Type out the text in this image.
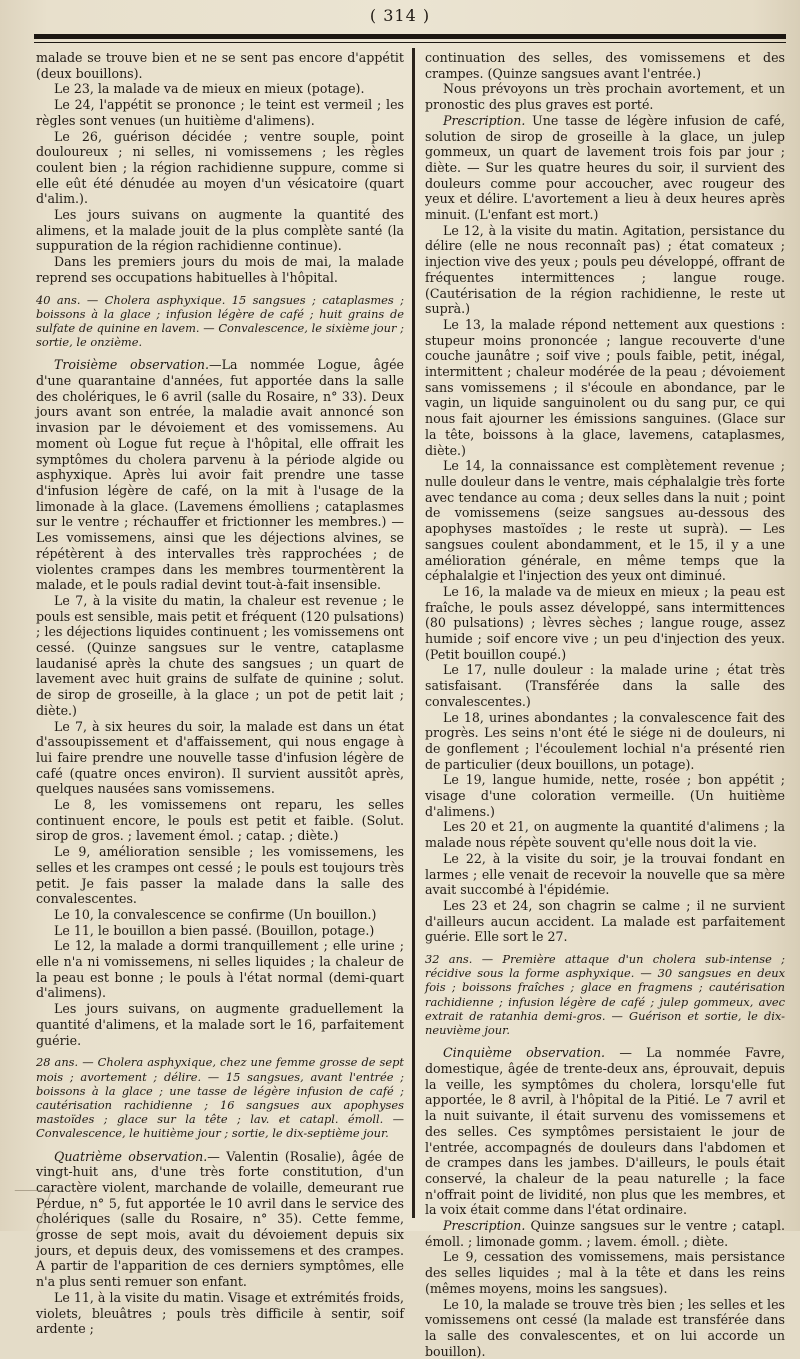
( 314 )

malade se trouve bien et ne se sent pas encore d'appétit (deux bouillons).

Le 23, la malade va de mieux en mieux (potage).

Le 24, l'appétit se prononce ; le teint est vermeil ; les règles sont venues (un huitième d'alimens).

Le 26, guérison décidée ; ventre souple, point douloureux ; ni selles, ni vomissemens ; les règles coulent bien ; la région rachidienne suppure, comme si elle eût été dénudée au moyen d'un vésicatoire (quart d'alim.).

Les jours suivans on augmente la quantité des alimens, et la malade jouit de la plus complète santé (la suppuration de la région rachidienne continue).

Dans les premiers jours du mois de mai, la malade reprend ses occupations habituelles à l'hôpital.

40 ans. — Cholera asphyxique. 15 sangsues ; cataplasmes ; boissons à la glace ; infusion légère de café ; huit grains de sulfate de quinine en lavem. — Convalescence, le sixième jour ; sortie, le onzième.

Troisième observation.—La nommée Logue, âgée d'une quarantaine d'années, fut apportée dans la salle des cholériques, le 6 avril (salle du Rosaire, n° 33). Deux jours avant son entrée, la maladie avait annoncé son invasion par le dévoiement et des vomissemens. Au moment où Logue fut reçue à l'hôpital, elle offrait les symptômes du cholera parvenu à la période algide ou asphyxique. Après lui avoir fait prendre une tasse d'infusion légère de café, on la mit à l'usage de la limonade à la glace. (Lavemens émolliens ; cataplasmes sur le ventre ; réchauffer et frictionner les membres.) — Les vomissemens, ainsi que les déjections alvines, se répétèrent à des intervalles très rapprochées ; de violentes crampes dans les membres tourmentèrent la malade, et le pouls radial devint tout-à-fait insensible.

Le 7, à la visite du matin, la chaleur est revenue ; le pouls est sensible, mais petit et fréquent (120 pulsations) ; les déjections liquides continuent ; les vomissemens ont cessé. (Quinze sangsues sur le ventre, cataplasme laudanisé après la chute des sangsues ; un quart de lavement avec huit grains de sulfate de quinine ; solut. de sirop de groseille, à la glace ; un pot de petit lait ; diète.)

Le 7, à six heures du soir, la malade est dans un état d'assoupissement et d'affaissement, qui nous engage à lui faire prendre une nouvelle tasse d'infusion légère de café (quatre onces environ). Il survient aussitôt après, quelques nausées sans vomissemens.

Le 8, les vomissemens ont reparu, les selles continuent encore, le pouls est petit et faible. (Solut. sirop de gros. ; lavement émol. ; catap. ; diète.)

Le 9, amélioration sensible ; les vomissemens, les selles et les crampes ont cessé ; le pouls est toujours très petit. Je fais passer la malade dans la salle des convalescentes.

Le 10, la convalescence se confirme (Un bouillon.)

Le 11, le bouillon a bien passé. (Bouillon, potage.)

Le 12, la malade a dormi tranquillement ; elle urine ; elle n'a ni vomissemens, ni selles liquides ; la chaleur de la peau est bonne ; le pouls à l'état normal (demi-quart d'alimens).

Les jours suivans, on augmente graduellement la quantité d'alimens, et la malade sort le 16, parfaitement guérie.

28 ans. — Cholera asphyxique, chez une femme grosse de sept mois ; avortement ; délire. — 15 sangsues, avant l'entrée ; boissons à la glace ; une tasse de légère infusion de café ; cautérisation rachidienne ; 16 sangsues aux apophyses mastoïdes ; glace sur la tête ; lav. et catapl. émoll. — Convalescence, le huitième jour ; sortie, le dix-septième jour.

Quatrième observation.— Valentin (Rosalie), âgée de vingt-huit ans, d'une très forte constitution, d'un caractère violent, marchande de volaille, demeurant rue Perdue, n° 5, fut apportée le 10 avril dans le service des cholériques (salle du Rosaire, n° 35). Cette femme, grosse de sept mois, avait du dévoiement depuis six jours, et depuis deux, des vomissemens et des crampes. A partir de l'apparition de ces derniers symptômes, elle n'a plus senti remuer son enfant.

Le 11, à la visite du matin. Visage et extrémités froids, violets, bleuâtres ; pouls très difficile à sentir, soif ardente ;

continuation des selles, des vomissemens et des crampes. (Quinze sangsues avant l'entrée.)

Nous prévoyons un très prochain avortement, et un pronostic des plus graves est porté.

Prescription. Une tasse de légère infusion de café, solution de sirop de groseille à la glace, un julep gommeux, un quart de lavement trois fois par jour ; diète. — Sur les quatre heures du soir, il survient des douleurs comme pour accoucher, avec rougeur des yeux et délire. L'avortement a lieu à deux heures après minuit. (L'enfant est mort.)

Le 12, à la visite du matin. Agitation, persistance du délire (elle ne nous reconnaît pas) ; état comateux ; injection vive des yeux ; pouls peu développé, offrant de fréquentes intermittences ; langue rouge. (Cautérisation de la région rachidienne, le reste ut suprà.)

Le 13, la malade répond nettement aux questions : stupeur moins prononcée ; langue recouverte d'une couche jaunâtre ; soif vive ; pouls faible, petit, inégal, intermittent ; chaleur modérée de la peau ; dévoiement sans vomissemens ; il s'écoule en abondance, par le vagin, un liquide sanguinolent ou du sang pur, ce qui nous fait ajourner les émissions sanguines. (Glace sur la tête, boissons à la glace, lavemens, cataplasmes, diète.)

Le 14, la connaissance est complètement revenue ; nulle douleur dans le ventre, mais céphalalgie très forte avec tendance au coma ; deux selles dans la nuit ; point de vomissemens (seize sangsues au-dessous des apophyses mastoïdes ; le reste ut suprà). — Les sangsues coulent abondamment, et le 15, il y a une amélioration générale, en même temps que la céphalalgie et l'injection des yeux ont diminué.

Le 16, la malade va de mieux en mieux ; la peau est fraîche, le pouls assez développé, sans intermittences (80 pulsations) ; lèvres sèches ; langue rouge, assez humide ; soif encore vive ; un peu d'injection des yeux. (Petit bouillon coupé.)

Le 17, nulle douleur : la malade urine ; état très satisfaisant. (Transférée dans la salle des convalescentes.)

Le 18, urines abondantes ; la convalescence fait des progrès. Les seins n'ont été le siége ni de douleurs, ni de gonflement ; l'écoulement lochial n'a présenté rien de particulier (deux bouillons, un potage).

Le 19, langue humide, nette, rosée ; bon appétit ; visage d'une coloration vermeille. (Un huitième d'alimens.)

Les 20 et 21, on augmente la quantité d'alimens ; la malade nous répète souvent qu'elle nous doit la vie.

Le 22, à la visite du soir, je la trouvai fondant en larmes ; elle venait de recevoir la nouvelle que sa mère avait succombé à l'épidémie.

Les 23 et 24, son chagrin se calme ; il ne survient d'ailleurs aucun accident. La malade est parfaitement guérie. Elle sort le 27.

32 ans. — Première attaque d'un cholera sub-intense ; récidive sous la forme asphyxique. — 30 sangsues en deux fois ; boissons fraîches ; glace en fragmens ; cautérisation rachidienne ; infusion légère de café ; julep gommeux, avec extrait de ratanhia demi-gros. — Guérison et sortie, le dix-neuvième jour.

Cinquième observation. — La nommée Favre, domestique, âgée de trente-deux ans, éprouvait, depuis la veille, les symptômes du cholera, lorsqu'elle fut apportée, le 8 avril, à l'hôpital de la Pitié. Le 7 avril et la nuit suivante, il était survenu des vomissemens et des selles. Ces symptômes persistaient le jour de l'entrée, accompagnés de douleurs dans l'abdomen et de crampes dans les jambes. D'ailleurs, le pouls était conservé, la chaleur de la peau naturelle ; la face n'offrait point de lividité, non plus que les membres, et la voix était comme dans l'état ordinaire.

Prescription. Quinze sangsues sur le ventre ; catapl. émoll. ; limonade gomm. ; lavem. émoll. ; diète.

Le 9, cessation des vomissemens, mais persistance des selles liquides ; mal à la tête et dans les reins (mêmes moyens, moins les sangsues).

Le 10, la malade se trouve très bien ; les selles et les vomissemens ont cessé (la malade est transférée dans la salle des convalescentes, et on lui accorde un bouillon).
